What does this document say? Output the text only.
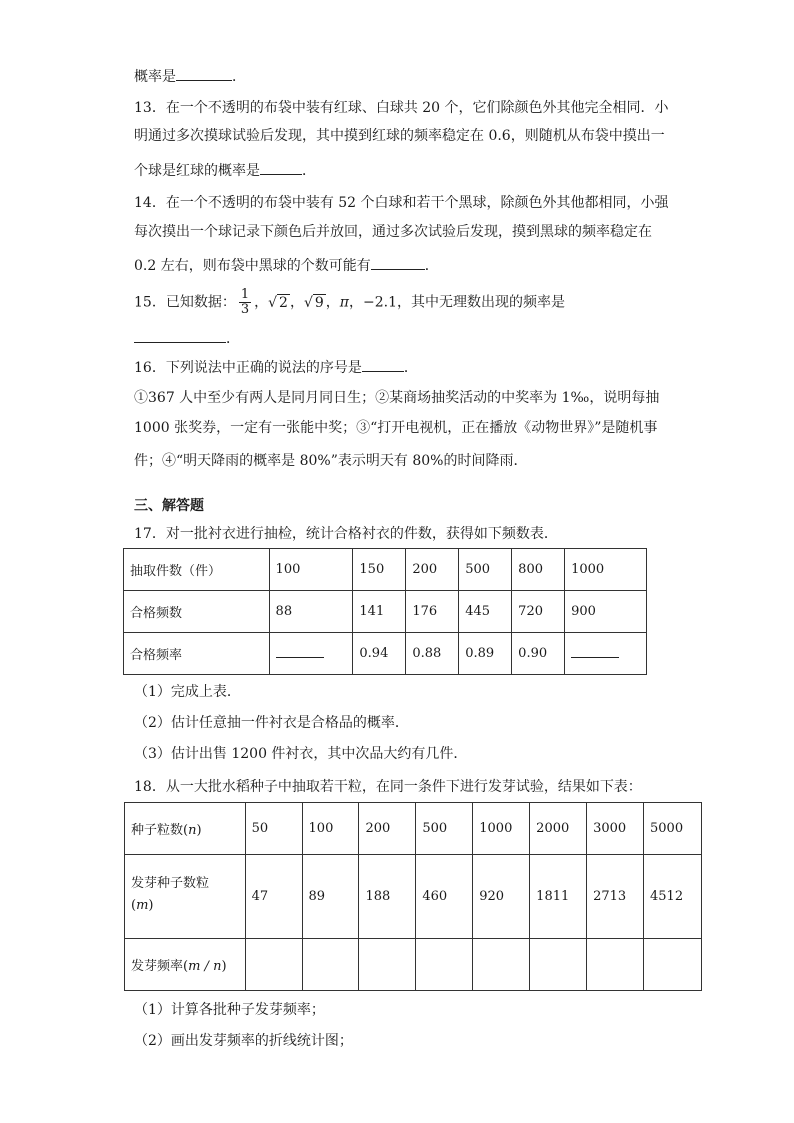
概率是	．
13．在一个不透明的布袋中装有红球、白球共 20 个，它们除颜色外其他完全相同．小
明通过多次摸球试验后发现，其中摸到红球的频率稳定在 0.6，则随机从布袋中摸出一
个球是红球的概率是	．
14．在一个不透明的布袋中装有 52 个白球和若干个黑球，除颜色外其他都相同，小强
每次摸出一个球记录下颜色后并放回，通过多次试验后发现，摸到黑球的频率稳定在
0.2 左右，则布袋中黑球的个数可能有	．
15．已知数据： $\frac{1}{3}$ ，√ 2 ，√ 9 ，π，−2.1，其中无理数出现的频率是
．
16．下列说法中正确的说法的序号是	．
①367 人中至少有两人是同月同日生；②某商场抽奖活动的中奖率为 1‰，说明每抽
1000 张奖券，一定有一张能中奖；③“打开电视机，正在播放《动物世界》”是随机事
件；④“明天降雨的概率是 80%”表示明天有 80%的时间降雨．
三、解答题
17．对一批衬衣进行抽检，统计合格衬衣的件数，获得如下频数表．
抽取件数（件）	100	150	200	500	800	1000
合格频数	88	141	176	445	720	900
合格频率		0.94	0.88	0.89	0.90	
（1）完成上表．
（2）估计任意抽一件衬衣是合格品的概率．
（3）估计出售 1200 件衬衣，其中次品大约有几件．
18．从一大批水稻种子中抽取若干粒，在同一条件下进行发芽试验，结果如下表：
种子粒数(n)	50	100	200	500	1000	2000	3000	5000
发芽种子数粒
(m)	47	89	188	460	920	1811	2713	4512
发芽频率(m / n)								
（1）计算各批种子发芽频率；
（2）画出发芽频率的折线统计图；
